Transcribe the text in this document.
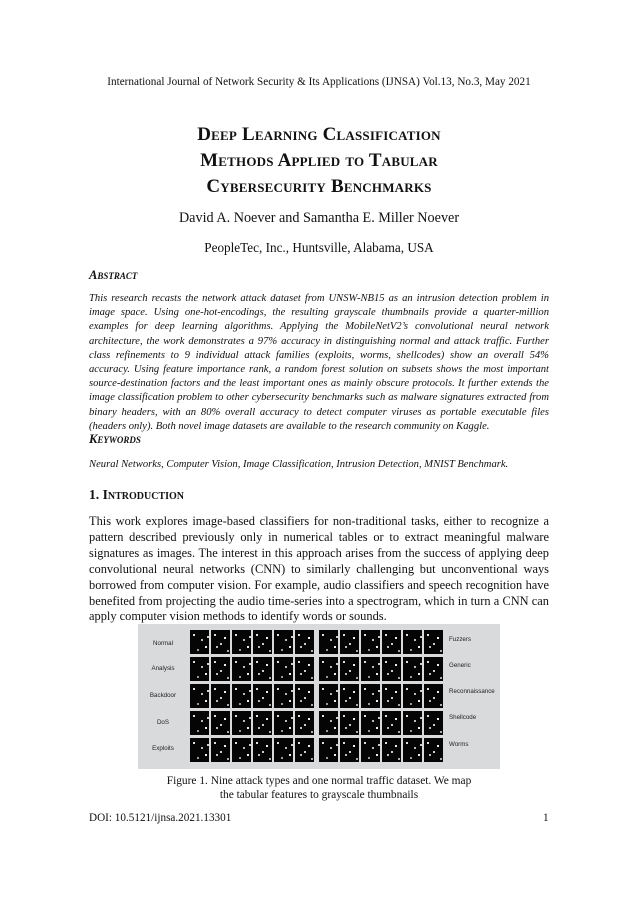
International Journal of Network Security & Its Applications (IJNSA) Vol.13, No.3, May 2021
Deep Learning Classification
Methods Applied to Tabular
Cybersecurity Benchmarks
David A. Noever and Samantha E. Miller Noever
PeopleTec, Inc., Huntsville, Alabama, USA
Abstract
This research recasts the network attack dataset from UNSW-NB15 as an intrusion detection problem in image space. Using one-hot-encodings, the resulting grayscale thumbnails provide a quarter-million examples for deep learning algorithms. Applying the MobileNetV2’s convolutional neural network architecture, the work demonstrates a 97% accuracy in distinguishing normal and attack traffic. Further class refinements to 9 individual attack families (exploits, worms, shellcodes) show an overall 54% accuracy. Using feature importance rank, a random forest solution on subsets shows the most important source-destination factors and the least important ones as mainly obscure protocols. It further extends the image classification problem to other cybersecurity benchmarks such as malware signatures extracted from binary headers, with an 80% overall accuracy to detect computer viruses as portable executable files (headers only). Both novel image datasets are available to the research community on Kaggle.
Keywords
Neural Networks, Computer Vision, Image Classification, Intrusion Detection, MNIST Benchmark.
1. Introduction
This work explores image-based classifiers for non-traditional tasks, either to recognize a pattern described previously only in numerical tables or to extract meaningful malware signatures as images. The interest in this approach arises from the success of applying deep convolutional neural networks (CNN) to similarly challenging but unconventional ways borrowed from computer vision. For example, audio classifiers and speech recognition have benefited from projecting the audio time-series into a spectrogram, which in turn a CNN can apply computer vision methods to identify words or sounds.
Normal
Analysis
Backdoor
DoS
Exploits
Fuzzers
Generic
Reconnaissance
Shellcode
Worms
Figure 1. Nine attack types and one normal traffic dataset. We map
the tabular features to grayscale thumbnails
DOI: 10.5121/ijnsa.2021.13301	1
